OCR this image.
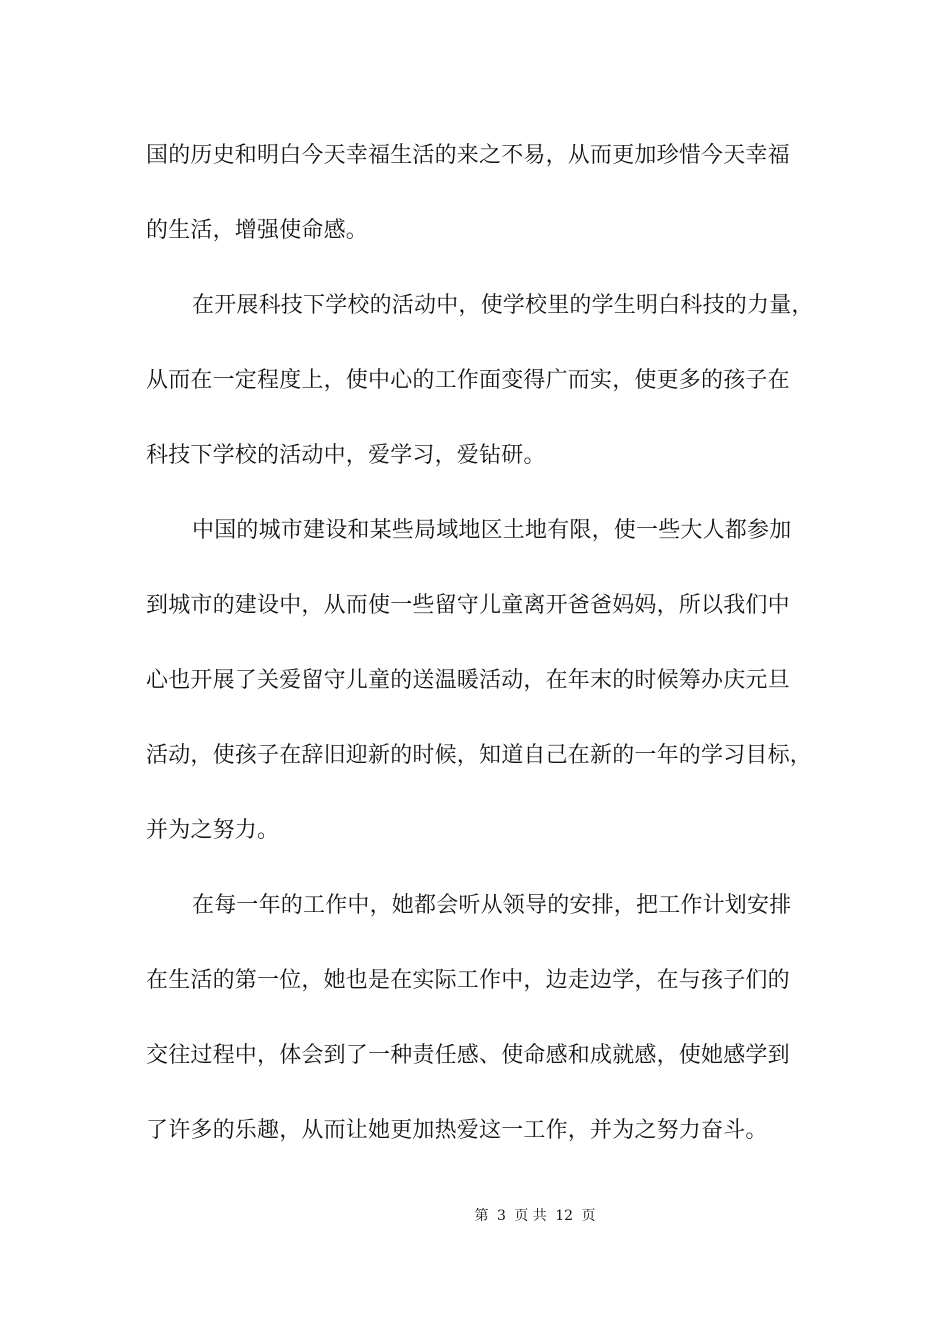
国的历史和明白今天幸福生活的来之不易，从而更加珍惜今天幸福
的生活，增强使命感。
在开展科技下学校的活动中，使学校里的学生明白科技的力量，
从而在一定程度上，使中心的工作面变得广而实，使更多的孩子在
科技下学校的活动中，爱学习，爱钻研。
中国的城市建设和某些局域地区土地有限，使一些大人都参加
到城市的建设中，从而使一些留守儿童离开爸爸妈妈，所以我们中
心也开展了关爱留守儿童的送温暖活动，在年末的时候筹办庆元旦
活动，使孩子在辞旧迎新的时候，知道自己在新的一年的学习目标，
并为之努力。
在每一年的工作中，她都会听从领导的安排，把工作计划安排
在生活的第一位，她也是在实际工作中，边走边学，在与孩子们的
交往过程中，体会到了一种责任感、使命感和成就感，使她感学到
了许多的乐趣，从而让她更加热爱这一工作，并为之努力奋斗。
第 3 页 共 12 页
